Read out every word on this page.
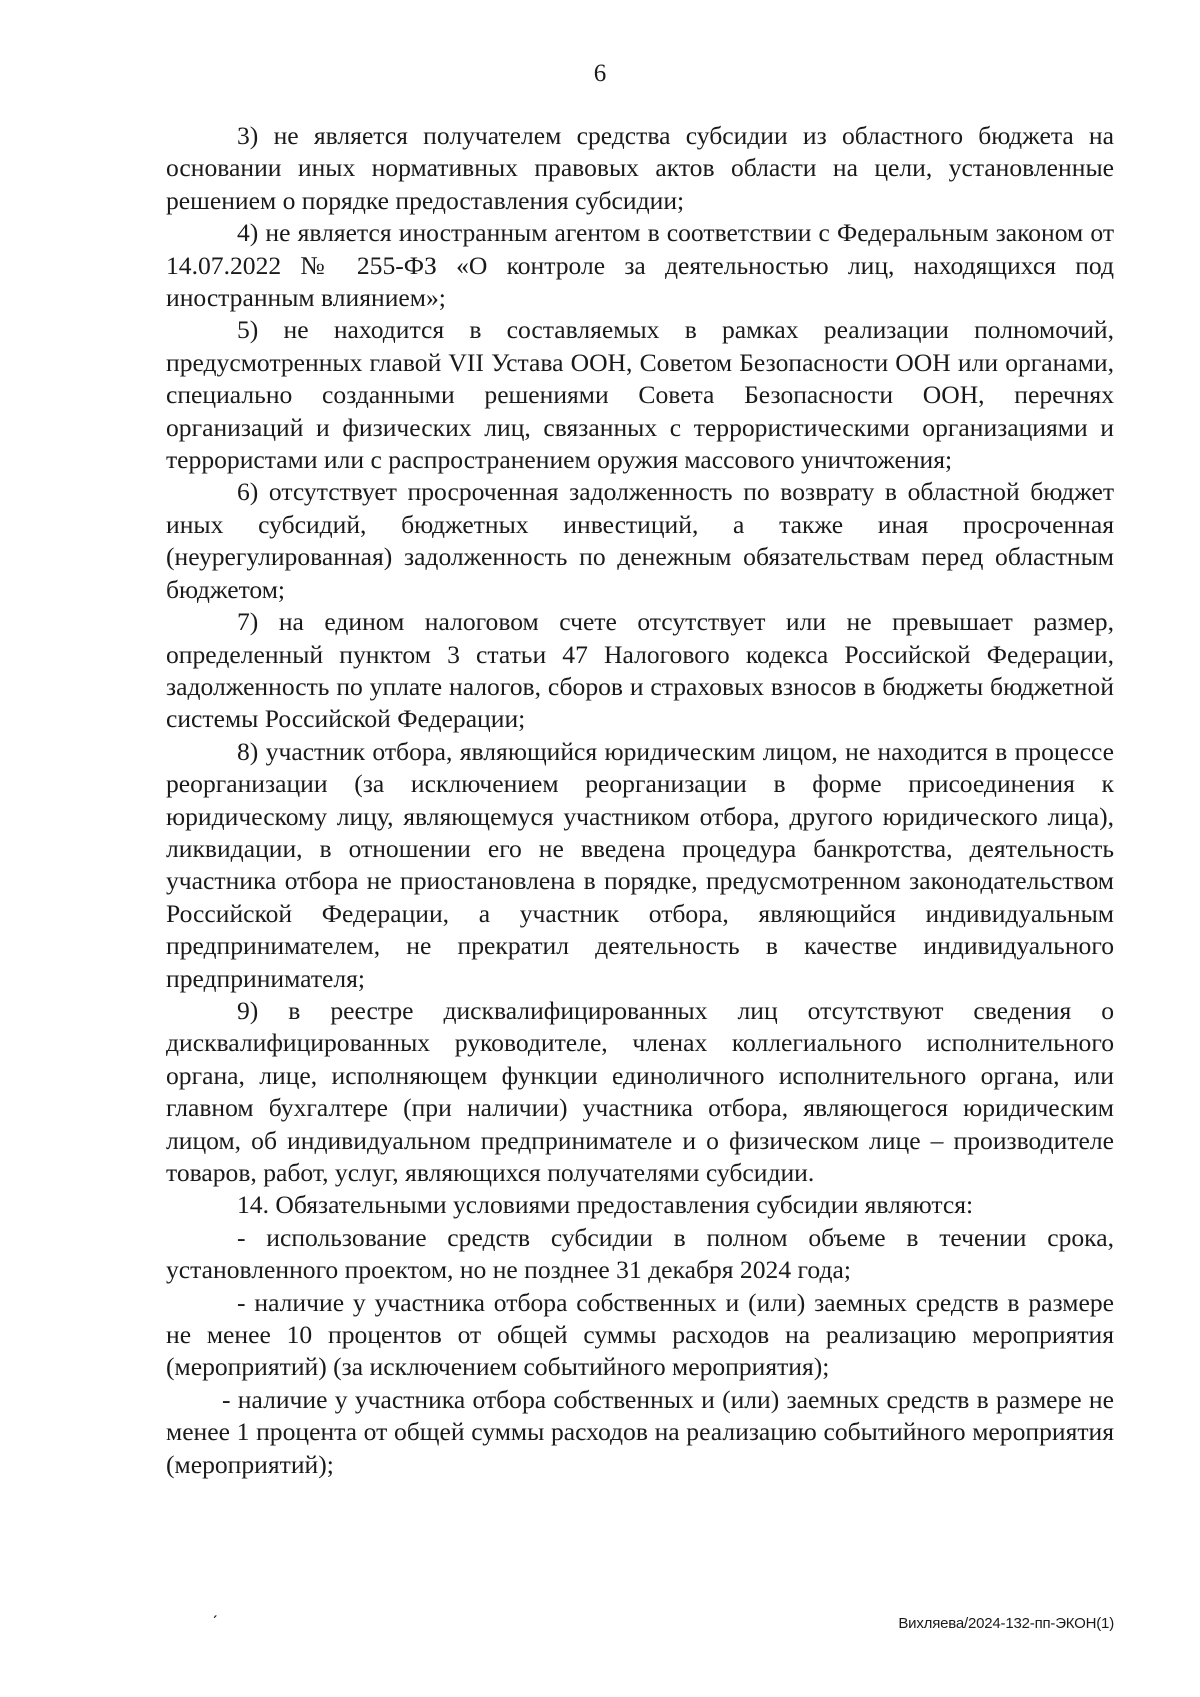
6

3) не является получателем средства субсидии из областного бюджета на основании иных нормативных правовых актов области на цели, установленные решением о порядке предоставления субсидии;

4) не является иностранным агентом в соответствии с Федеральным законом от 14.07.2022 № 255-ФЗ «О контроле за деятельностью лиц, находящихся под иностранным влиянием»;

5) не находится в составляемых в рамках реализации полномочий, предусмотренных главой VII Устава ООН, Советом Безопасности ООН или органами, специально созданными решениями Совета Безопасности ООН, перечнях организаций и физических лиц, связанных с террористическими организациями и террористами или с распространением оружия массового уничтожения;

6) отсутствует просроченная задолженность по возврату в областной бюджет иных субсидий, бюджетных инвестиций, а также иная просроченная (неурегулированная) задолженность по денежным обязательствам перед областным бюджетом;

7) на едином налоговом счете отсутствует или не превышает размер, определенный пунктом 3 статьи 47 Налогового кодекса Российской Федерации, задолженность по уплате налогов, сборов и страховых взносов в бюджеты бюджетной системы Российской Федерации;

8) участник отбора, являющийся юридическим лицом, не находится в процессе реорганизации (за исключением реорганизации в форме присоединения к юридическому лицу, являющемуся участником отбора, другого юридического лица), ликвидации, в отношении его не введена процедура банкротства, деятельность участника отбора не приостановлена в порядке, предусмотренном законодательством Российской Федерации, а участник отбора, являющийся индивидуальным предпринимателем, не прекратил деятельность в качестве индивидуального предпринимателя;

9) в реестре дисквалифицированных лиц отсутствуют сведения о дисквалифицированных руководителе, членах коллегиального исполнительного органа, лице, исполняющем функции единоличного исполнительного органа, или главном бухгалтере (при наличии) участника отбора, являющегося юридическим лицом, об индивидуальном предпринимателе и о физическом лице – производителе товаров, работ, услуг, являющихся получателями субсидии.

14. Обязательными условиями предоставления субсидии являются:

- использование средств субсидии в полном объеме в течении срока, установленного проектом, но не позднее 31 декабря 2024 года;

- наличие у участника отбора собственных и (или) заемных средств в размере не менее 10 процентов от общей суммы расходов на реализацию мероприятия (мероприятий) (за исключением событийного мероприятия);

- наличие у участника отбора собственных и (или) заемных средств в размере не менее 1 процента от общей суммы расходов на реализацию событийного мероприятия (мероприятий);

ˊ	Вихляева/2024-132-пп-ЭКОН(1)
